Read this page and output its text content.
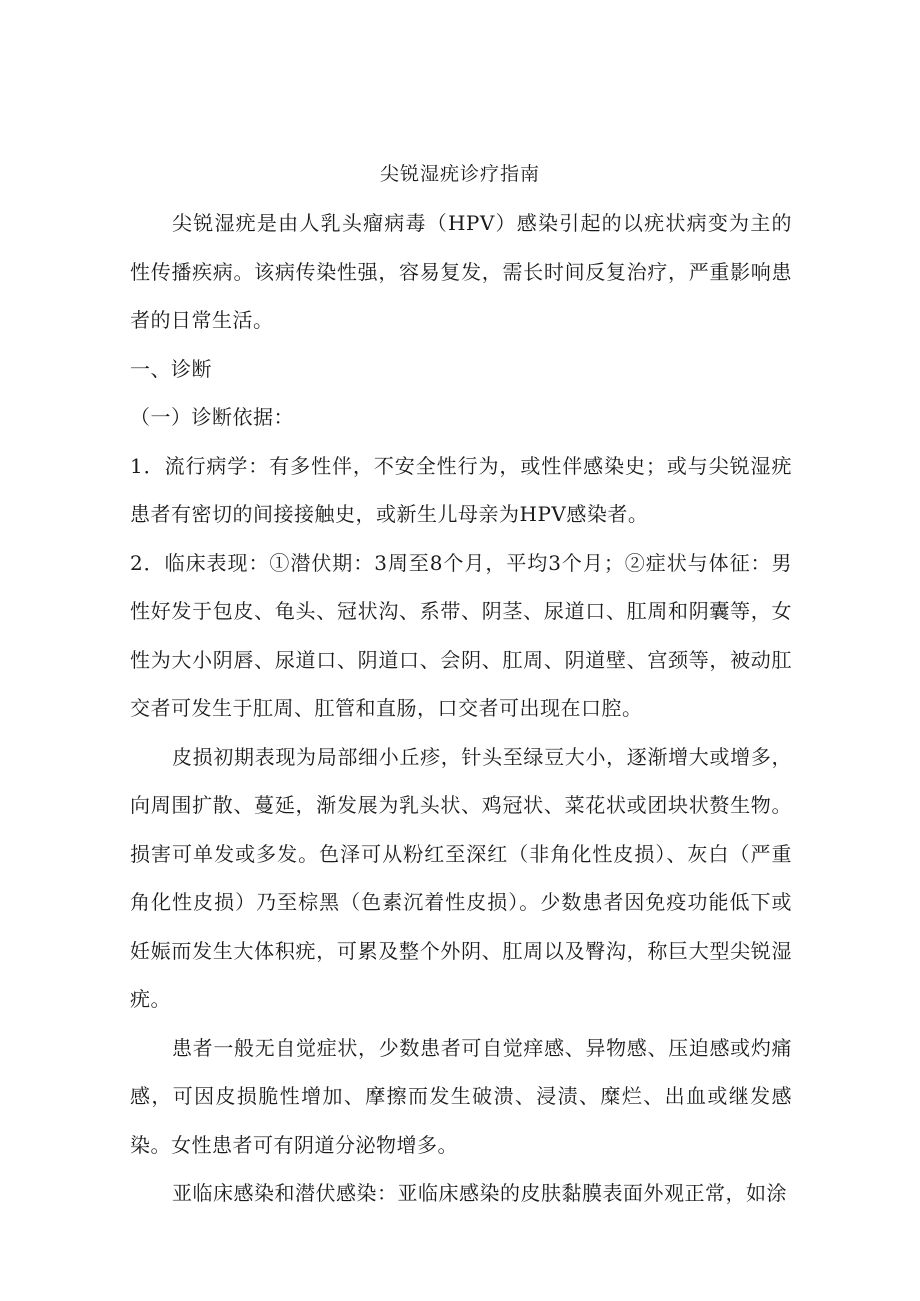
尖锐湿疣诊疗指南

尖锐湿疣是由人乳头瘤病毒（HPV）感染引起的以疣状病变为主的性传播疾病。该病传染性强，容易复发，需长时间反复治疗，严重影响患者的日常生活。

一、诊断

（一）诊断依据：

1．流行病学：有多性伴，不安全性行为，或性伴感染史；或与尖锐湿疣患者有密切的间接接触史，或新生儿母亲为HPV感染者。

2．临床表现：①潜伏期：3周至8个月，平均3个月；②症状与体征：男性好发于包皮、龟头、冠状沟、系带、阴茎、尿道口、肛周和阴囊等，女性为大小阴唇、尿道口、阴道口、会阴、肛周、阴道壁、宫颈等，被动肛交者可发生于肛周、肛管和直肠，口交者可出现在口腔。

皮损初期表现为局部细小丘疹，针头至绿豆大小，逐渐增大或增多，向周围扩散、蔓延，渐发展为乳头状、鸡冠状、菜花状或团块状赘生物。损害可单发或多发。色泽可从粉红至深红（非角化性皮损）、灰白（严重角化性皮损）乃至棕黑（色素沉着性皮损）。少数患者因免疫功能低下或妊娠而发生大体积疣，可累及整个外阴、肛周以及臀沟，称巨大型尖锐湿疣。

患者一般无自觉症状，少数患者可自觉痒感、异物感、压迫感或灼痛感，可因皮损脆性增加、摩擦而发生破溃、浸渍、糜烂、出血或继发感染。女性患者可有阴道分泌物增多。

亚临床感染和潜伏感染：亚临床感染的皮肤黏膜表面外观正常，如涂
